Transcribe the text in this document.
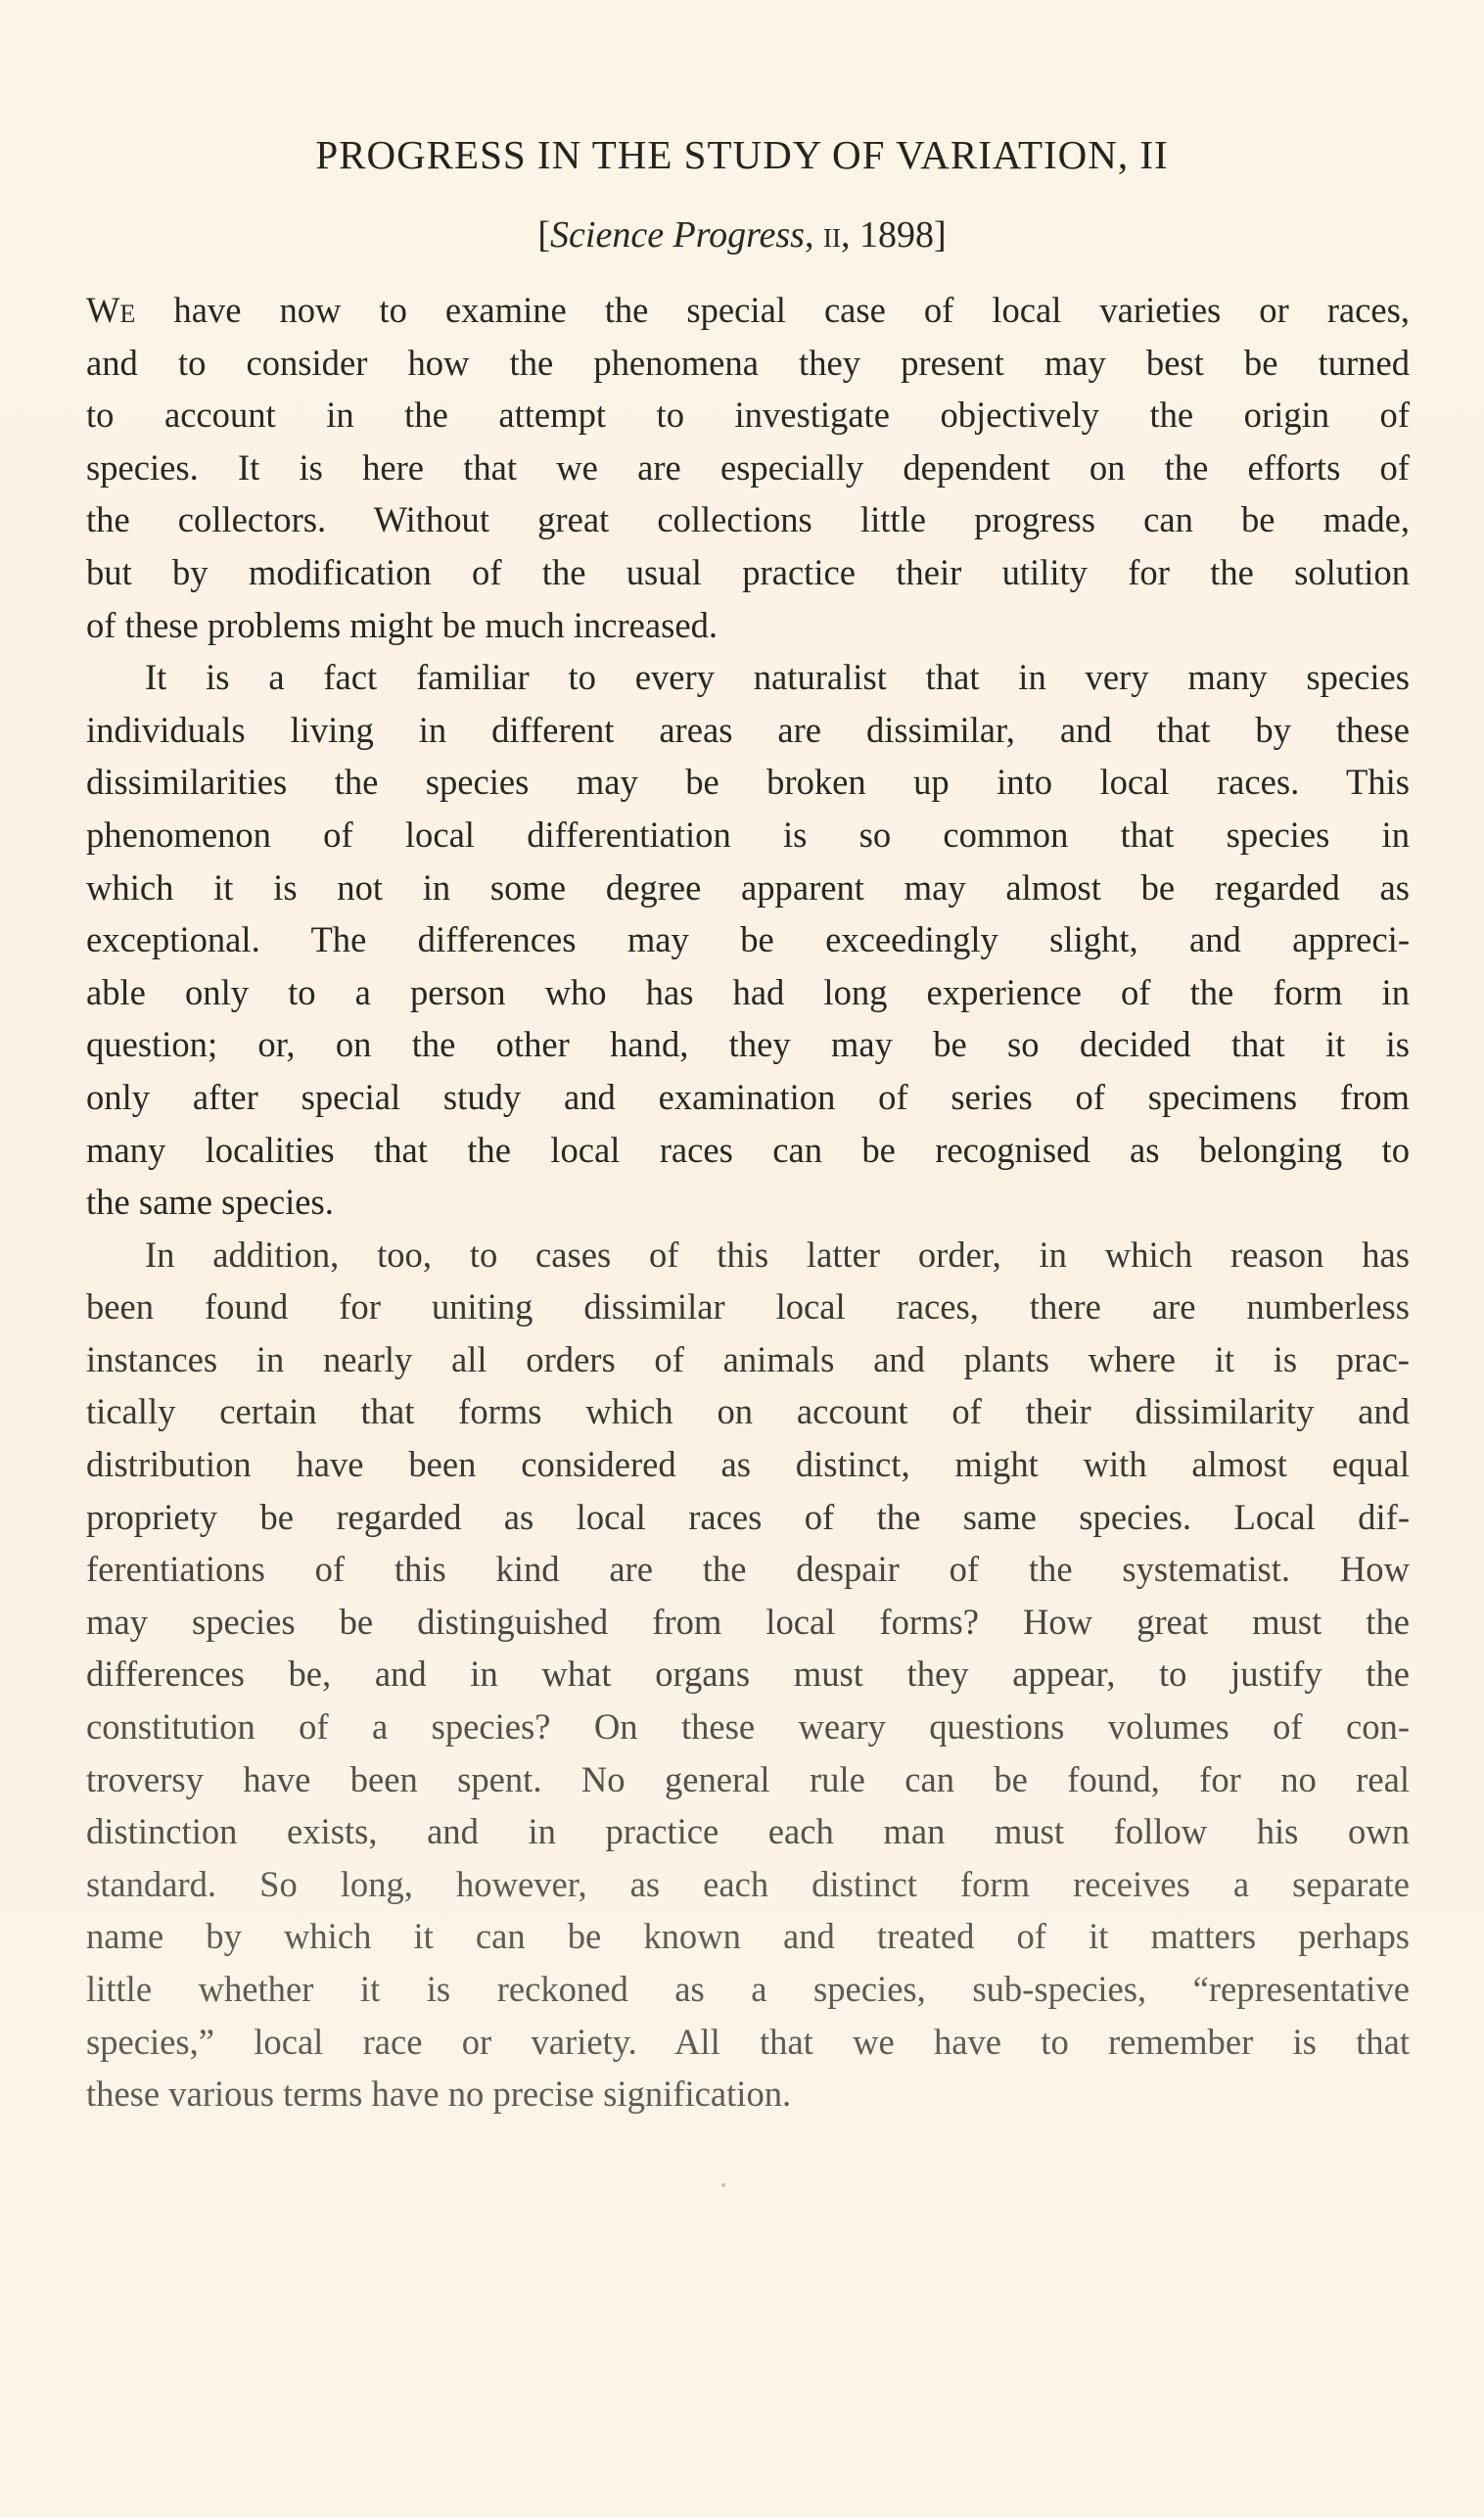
PROGRESS IN THE STUDY OF VARIATION, II
[Science Progress, ii, 1898]
We have now to examine the special case of local varieties or races,
and to consider how the phenomena they present may best be turned
to account in the attempt to investigate objectively the origin of
species. It is here that we are especially dependent on the efforts of
the collectors. Without great collections little progress can be made,
but by modification of the usual practice their utility for the solution
of these problems might be much increased.
It is a fact familiar to every naturalist that in very many species
individuals living in different areas are dissimilar, and that by these
dissimilarities the species may be broken up into local races. This
phenomenon of local differentiation is so common that species in
which it is not in some degree apparent may almost be regarded as
exceptional. The differences may be exceedingly slight, and appreci-
able only to a person who has had long experience of the form in
question; or, on the other hand, they may be so decided that it is
only after special study and examination of series of specimens from
many localities that the local races can be recognised as belonging to
the same species.
In addition, too, to cases of this latter order, in which reason has
been found for uniting dissimilar local races, there are numberless
instances in nearly all orders of animals and plants where it is prac-
tically certain that forms which on account of their dissimilarity and
distribution have been considered as distinct, might with almost equal
propriety be regarded as local races of the same species. Local dif-
ferentiations of this kind are the despair of the systematist. How
may species be distinguished from local forms? How great must the
differences be, and in what organs must they appear, to justify the
constitution of a species? On these weary questions volumes of con-
troversy have been spent. No general rule can be found, for no real
distinction exists, and in practice each man must follow his own
standard. So long, however, as each distinct form receives a separate
name by which it can be known and treated of it matters perhaps
little whether it is reckoned as a species, sub-species, “representative
species,” local race or variety. All that we have to remember is that
these various terms have no precise signification.
